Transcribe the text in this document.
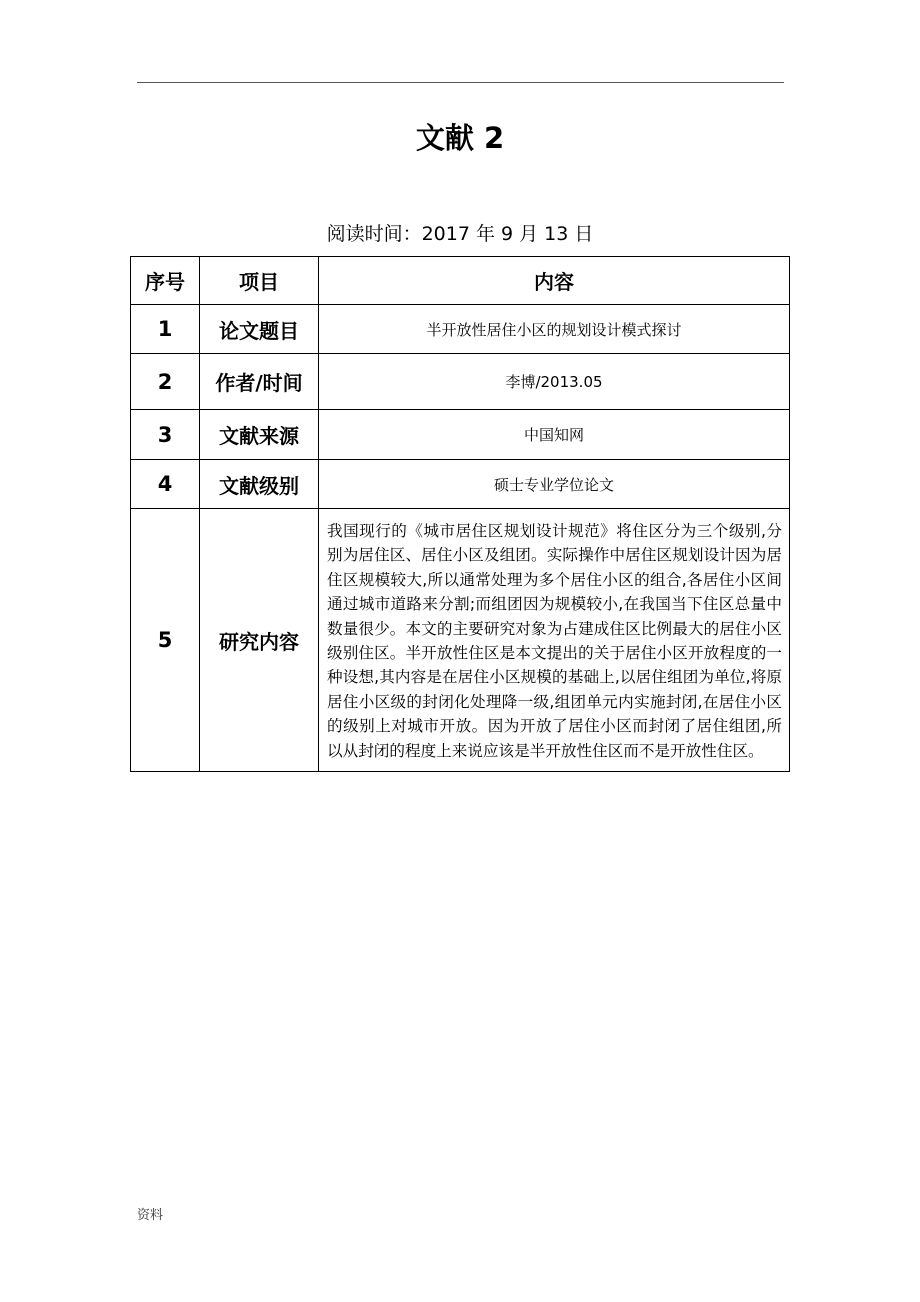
文献 2
阅读时间：2017 年 9 月 13 日
序号	项目	内容
1	论文题目	半开放性居住小区的规划设计模式探讨
2	作者/时间	李博/2013.05
3	文献来源	中国知网
4	文献级别	硕士专业学位论文
5	研究内容	我国现行的《城市居住区规划设计规范》将住区分为三个级别,分别为居住区、居住小区及组团。实际操作中居住区规划设计因为居住区规模较大,所以通常处理为多个居住小区的组合,各居住小区间通过城市道路来分割;而组团因为规模较小,在我国当下住区总量中数量很少。本文的主要研究对象为占建成住区比例最大的居住小区级别住区。半开放性住区是本文提出的关于居住小区开放程度的一种设想,其内容是在居住小区规模的基础上,以居住组团为单位,将原居住小区级的封闭化处理降一级,组团单元内实施封闭,在居住小区的级别上对城市开放。因为开放了居住小区而封闭了居住组团,所以从封闭的程度上来说应该是半开放性住区而不是开放性住区。
资料
